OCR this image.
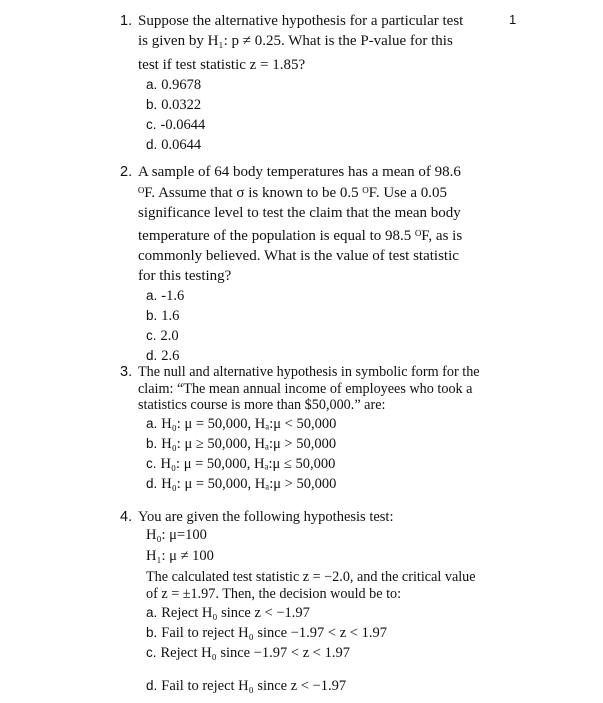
1
1. Suppose the alternative hypothesis for a particular test
is given by H₁: p ≠ 0.25. What is the P-value for this
test if test statistic z = 1.85?
a. 0.9678
b. 0.0322
c. -0.0644
d. 0.0644
2. A sample of 64 body temperatures has a mean of 98.6
ᴼF. Assume that σ is known to be 0.5 ᴼF. Use a 0.05
significance level to test the claim that the mean body
temperature of the population is equal to 98.5 ᴼF, as is
commonly believed. What is the value of test statistic
for this testing?
a. -1.6
b. 1.6
c. 2.0
d. 2.6
3. The null and alternative hypothesis in symbolic form for the
claim: “The mean annual income of employees who took a
statistics course is more than $50,000.” are:
a. H₀: μ = 50,000, Hₐ:μ < 50,000
b. H₀: μ ≥ 50,000, Hₐ:μ > 50,000
c. H₀: μ = 50,000, Hₐ:μ ≤ 50,000
d. H₀: μ = 50,000, Hₐ:μ > 50,000
4. You are given the following hypothesis test:
H₀: μ=100
H₁: μ ≠ 100
The calculated test statistic z = −2.0, and the critical value
of z = ±1.97. Then, the decision would be to:
a. Reject H₀ since z < −1.97
b. Fail to reject H₀ since −1.97 < z < 1.97
c. Reject H₀ since −1.97 < z < 1.97
d. Fail to reject H₀ since z < −1.97
